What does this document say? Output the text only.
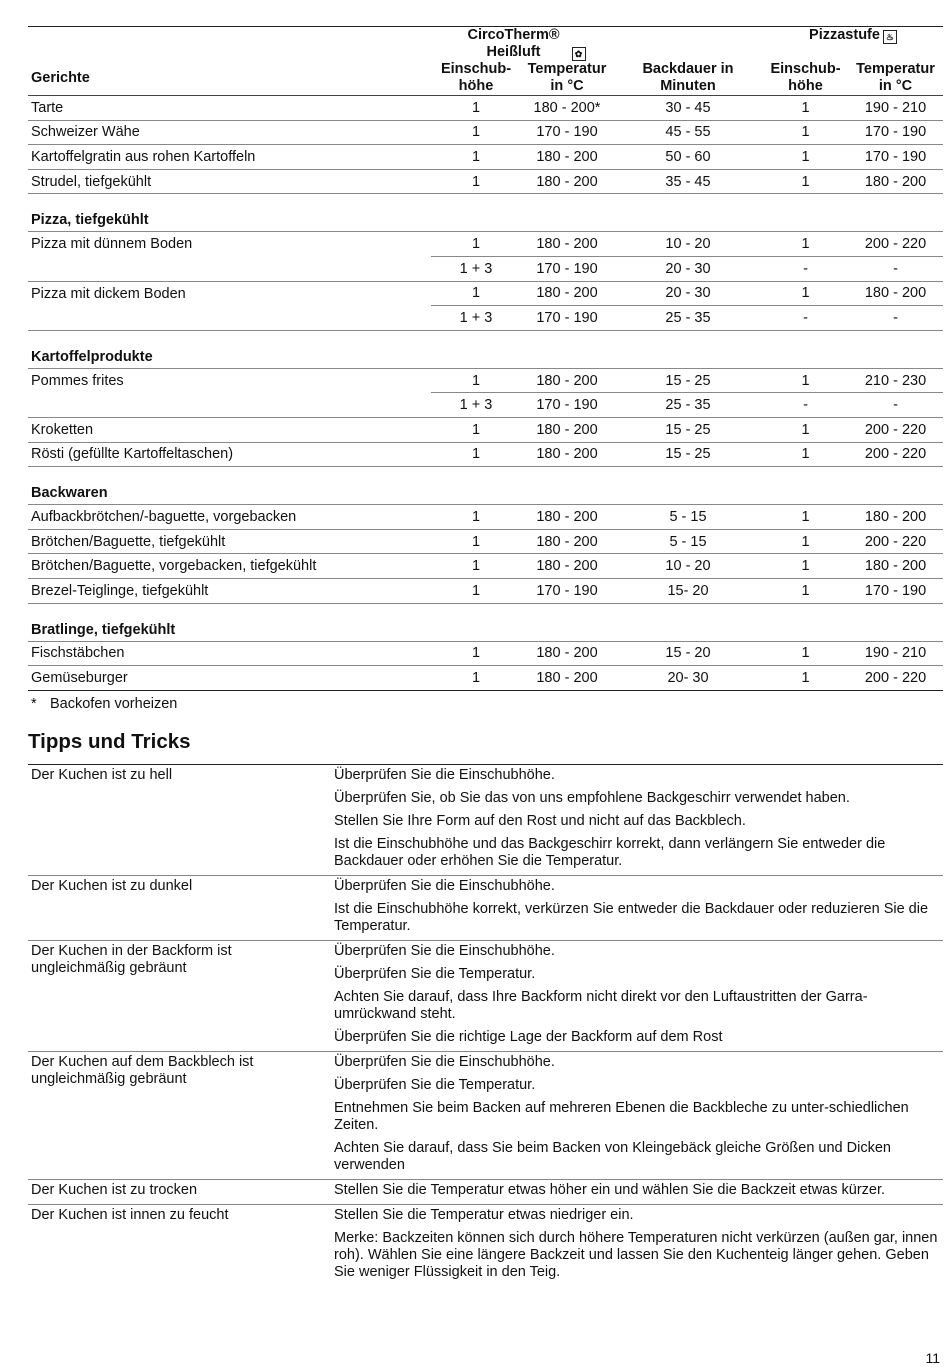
	CircoTherm® Heißluft ✿			Pizzastufe ♨	
Gerichte	Einschub-höhe	Temperatur in °C	Backdauer in Minuten	Einschub-höhe	Temperatur in °C
Tarte	1	180 - 200*	30 - 45	1	190 - 210
Schweizer Wähe	1	170 - 190	45 - 55	1	170 - 190
Kartoffelgratin aus rohen Kartoffeln	1	180 - 200	50 - 60	1	170 - 190
Strudel, tiefgekühlt	1	180 - 200	35 - 45	1	180 - 200
Pizza, tiefgekühlt					
Pizza mit dünnem Boden	1	180 - 200	10 - 20	1	200 - 220
	1 + 3	170 - 190	20 - 30	-	-
Pizza mit dickem Boden	1	180 - 200	20 - 30	1	180 - 200
	1 + 3	170 - 190	25 - 35	-	-
Kartoffelprodukte					
Pommes frites	1	180 - 200	15 - 25	1	210 - 230
	1 + 3	170 - 190	25 - 35	-	-
Kroketten	1	180 - 200	15 - 25	1	200 - 220
Rösti (gefüllte Kartoffeltaschen)	1	180 - 200	15 - 25	1	200 - 220
Backwaren					
Aufbackbrötchen/-baguette, vorgebacken	1	180 - 200	5 - 15	1	180 - 200
Brötchen/Baguette, tiefgekühlt	1	180 - 200	5 - 15	1	200 - 220
Brötchen/Baguette, vorgebacken, tiefgekühlt	1	180 - 200	10 - 20	1	180 - 200
Brezel-Teiglinge, tiefgekühlt	1	170 - 190	15- 20	1	170 - 190
Bratlinge, tiefgekühlt					
Fischstäbchen	1	180 - 200	15 - 20	1	190 - 210
Gemüseburger	1	180 - 200	20- 30	1	200 - 220
* Backofen vorheizen
Tipps und Tricks
Der Kuchen ist zu hell	Überprüfen Sie die Einschubhöhe.
Überprüfen Sie, ob Sie das von uns empfohlene Backgeschirr verwendet haben.
Stellen Sie Ihre Form auf den Rost und nicht auf das Backblech.
Ist die Einschubhöhe und das Backgeschirr korrekt, dann verlängern Sie entweder die Backdauer oder erhöhen Sie die Temperatur.

Der Kuchen ist zu dunkel	Überprüfen Sie die Einschubhöhe.
Ist die Einschubhöhe korrekt, verkürzen Sie entweder die Backdauer oder reduzieren Sie die Temperatur.

Der Kuchen in der Backform ist ungleichmäßig gebräunt	Überprüfen Sie die Einschubhöhe.
Überprüfen Sie die Temperatur.
Achten Sie darauf, dass Ihre Backform nicht direkt vor den Luftaustritten der Garra-umrückwand steht.
Überprüfen Sie die richtige Lage der Backform auf dem Rost

Der Kuchen auf dem Backblech ist ungleichmäßig gebräunt	Überprüfen Sie die Einschubhöhe.
Überprüfen Sie die Temperatur.
Entnehmen Sie beim Backen auf mehreren Ebenen die Backbleche zu unter-schiedlichen Zeiten.
Achten Sie darauf, dass Sie beim Backen von Kleingebäck gleiche Größen und Dicken verwenden

Der Kuchen ist zu trocken	Stellen Sie die Temperatur etwas höher ein und wählen Sie die Backzeit etwas kürzer.

Der Kuchen ist innen zu feucht	Stellen Sie die Temperatur etwas niedriger ein.
Merke: Backzeiten können sich durch höhere Temperaturen nicht verkürzen (außen gar, innen roh). Wählen Sie eine längere Backzeit und lassen Sie den Kuchenteig länger gehen. Geben Sie weniger Flüssigkeit in den Teig.
11
